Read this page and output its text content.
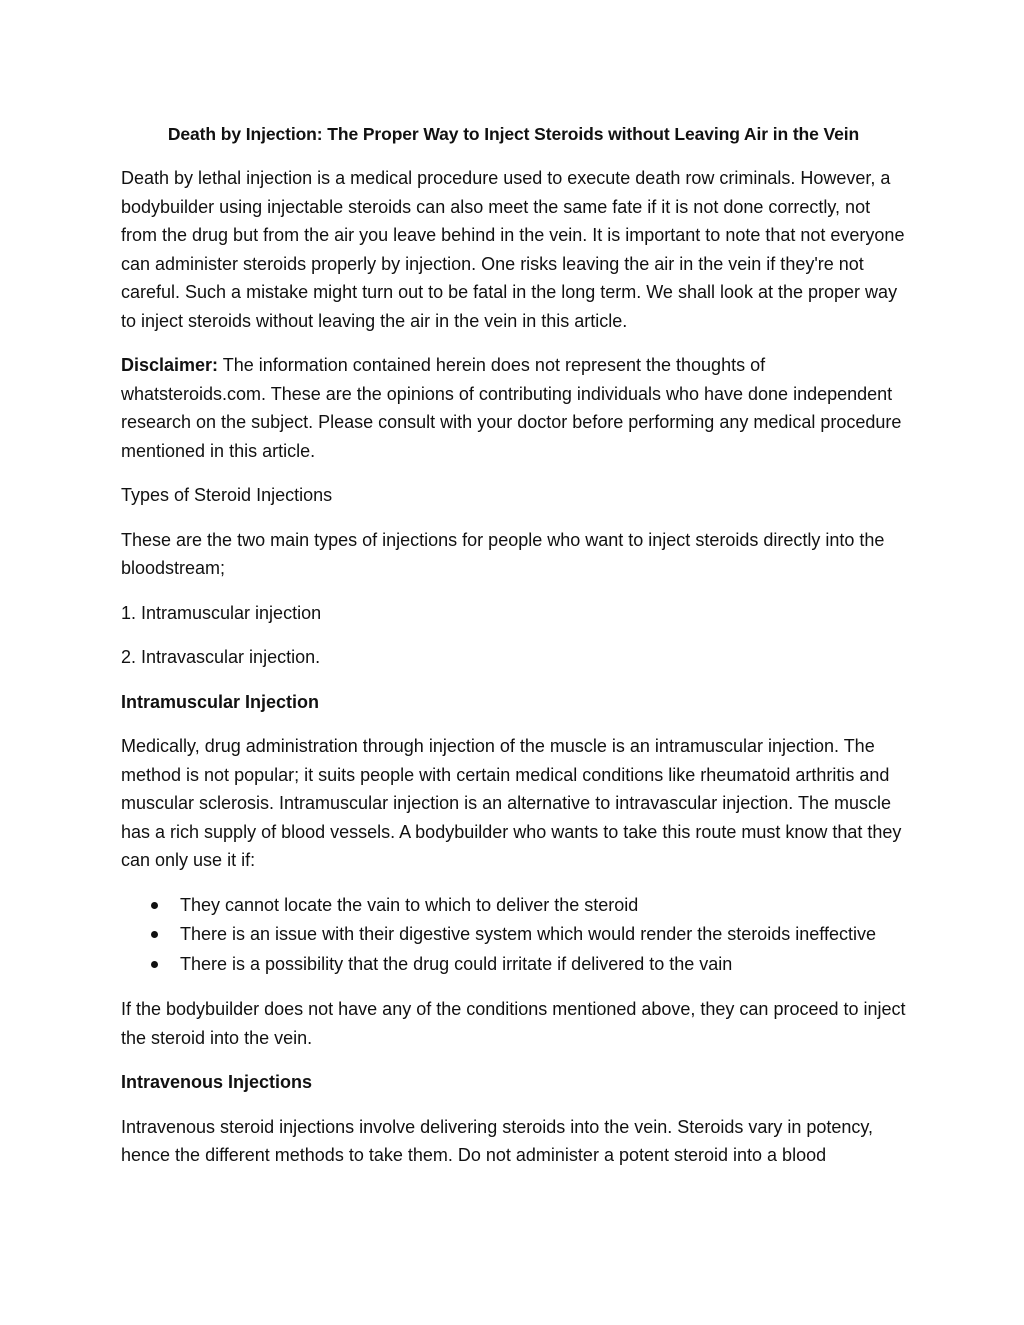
Death by Injection: The Proper Way to Inject Steroids without Leaving Air in the Vein

Death by lethal injection is a medical procedure used to execute death row criminals. However, a bodybuilder using injectable steroids can also meet the same fate if it is not done correctly, not from the drug but from the air you leave behind in the vein. It is important to note that not everyone can administer steroids properly by injection. One risks leaving the air in the vein if they're not careful. Such a mistake might turn out to be fatal in the long term. We shall look at the proper way to inject steroids without leaving the air in the vein in this article.

Disclaimer: The information contained herein does not represent the thoughts of whatsteroids.com. These are the opinions of contributing individuals who have done independent research on the subject. Please consult with your doctor before performing any medical procedure mentioned in this article.

Types of Steroid Injections

These are the two main types of injections for people who want to inject steroids directly into the bloodstream;

1. Intramuscular injection

2. Intravascular injection.

Intramuscular Injection

Medically, drug administration through injection of the muscle is an intramuscular injection. The method is not popular; it suits people with certain medical conditions like rheumatoid arthritis and muscular sclerosis. Intramuscular injection is an alternative to intravascular injection. The muscle has a rich supply of blood vessels. A bodybuilder who wants to take this route must know that they can only use it if:

They cannot locate the vain to which to deliver the steroid
There is an issue with their digestive system which would render the steroids ineffective
There is a possibility that the drug could irritate if delivered to the vain

If the bodybuilder does not have any of the conditions mentioned above, they can proceed to inject the steroid into the vein.

Intravenous Injections

Intravenous steroid injections involve delivering steroids into the vein. Steroids vary in potency, hence the different methods to take them. Do not administer a potent steroid into a blood
